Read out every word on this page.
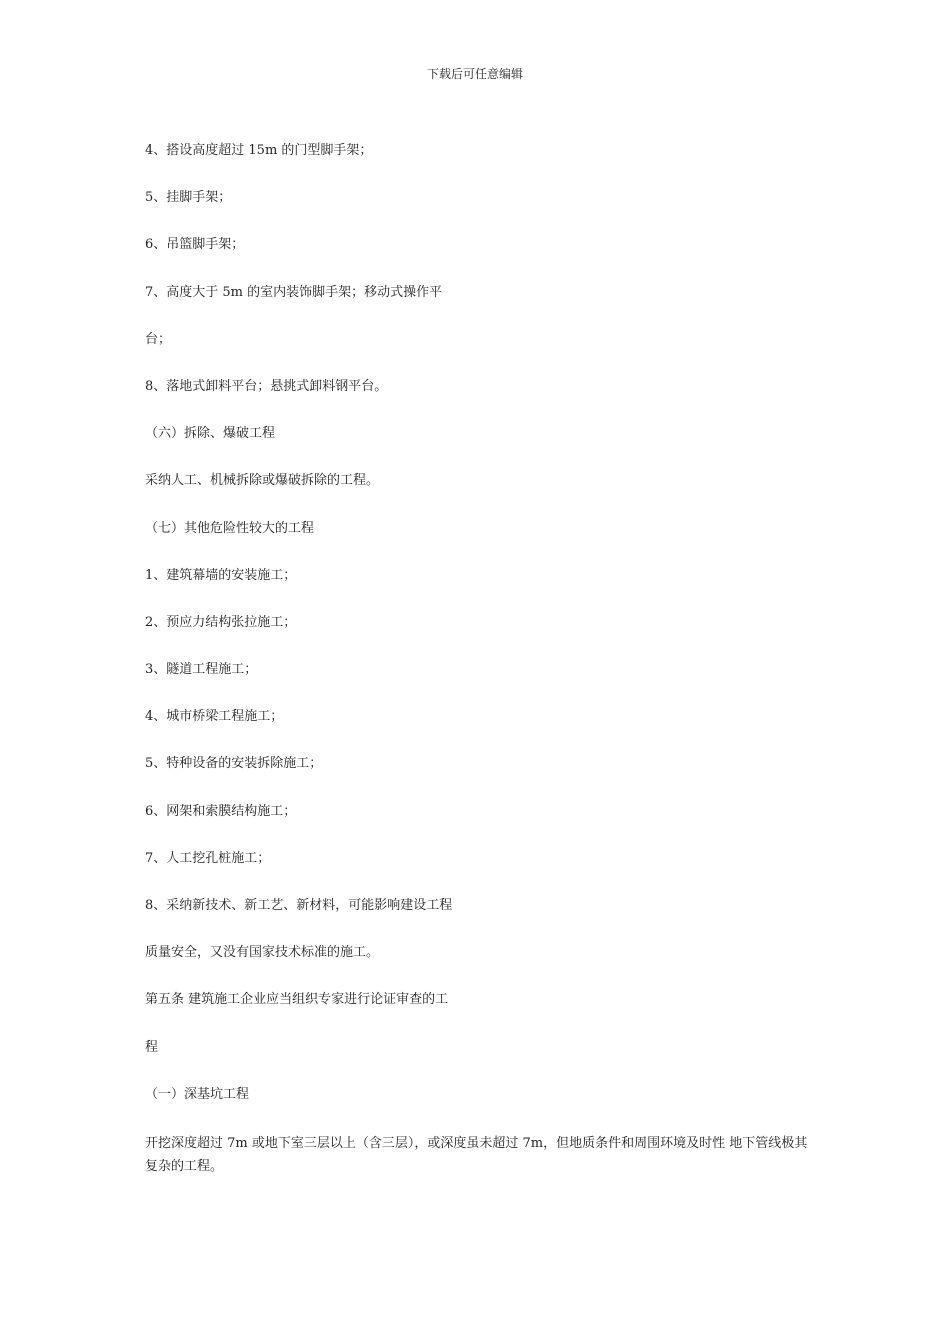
下载后可任意编辑
4、搭设高度超过 15m 的门型脚手架；
5、挂脚手架；
6、吊篮脚手架；
7、高度大于 5m 的室内装饰脚手架；移动式操作平
台；
8、落地式卸料平台；悬挑式卸料钢平台。
（六）拆除、爆破工程
采纳人工、机械拆除或爆破拆除的工程。
（七）其他危险性较大的工程
1、建筑幕墙的安装施工；
2、预应力结构张拉施工；
3、隧道工程施工；
4、城市桥梁工程施工；
5、特种设备的安装拆除施工；
6、网架和索膜结构施工；
7、人工挖孔桩施工；
8、采纳新技术、新工艺、新材料，可能影响建设工程
质量安全，又没有国家技术标准的施工。
第五条 建筑施工企业应当组织专家进行论证审查的工
程
（一）深基坑工程

开挖深度超过 7m 或地下室三层以上（含三层），或深度虽未超过 7m，但地质条件和周围环境及时性 地下管线极其复杂的工程。
